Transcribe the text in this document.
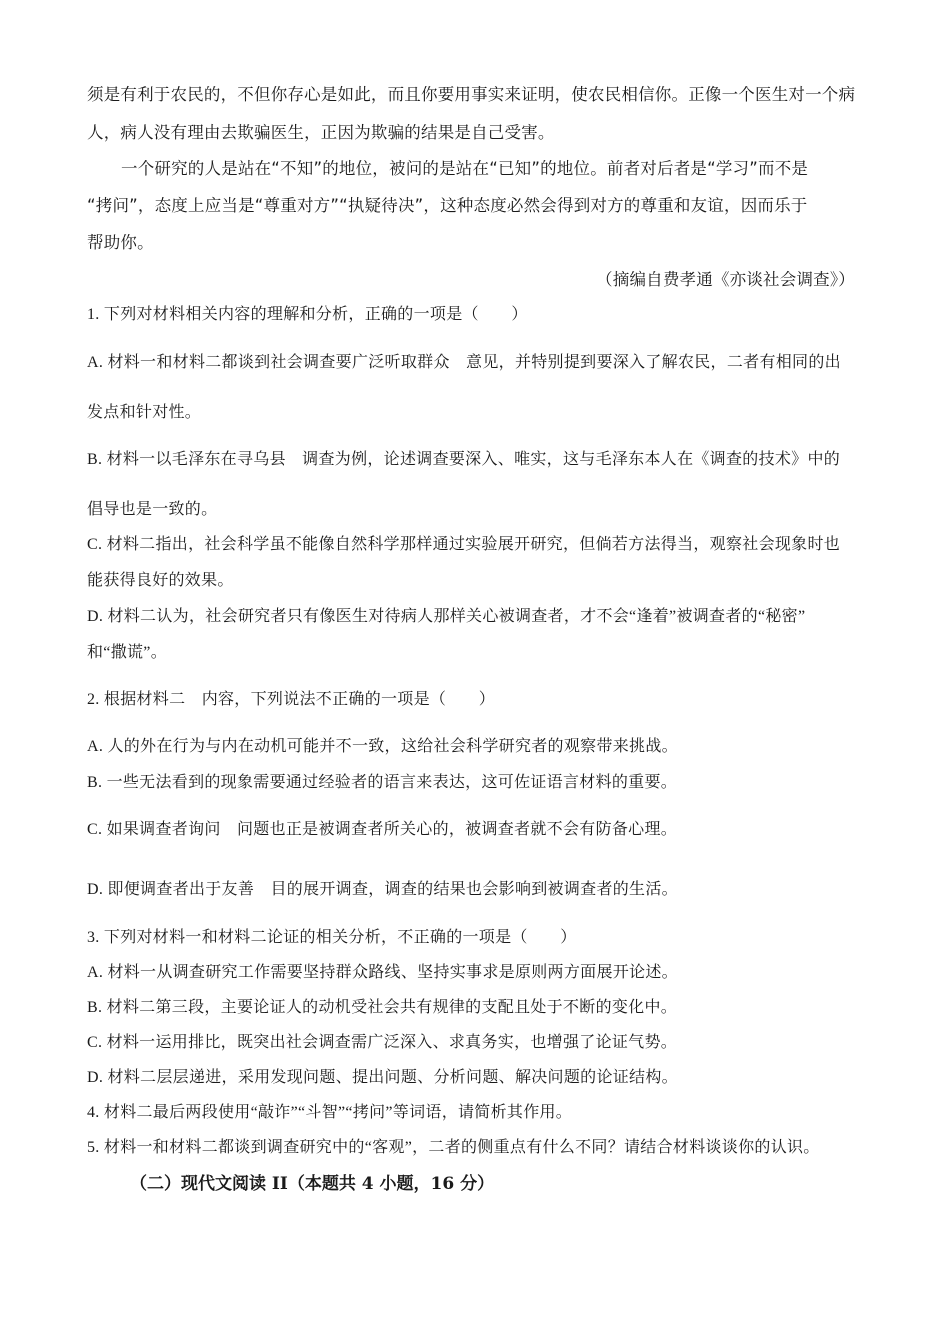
须是有利于农民的，不但你存心是如此，而且你要用事实来证明，使农民相信你。正像一个医生对一个病
人，病人没有理由去欺骗医生，正因为欺骗的结果是自己受害。
一个研究的人是站在“不知”的地位，被问的是站在“已知”的地位。前者对后者是“学习”而不是
“拷问”，态度上应当是“尊重对方”“执疑待决”，这种态度必然会得到对方的尊重和友谊，因而乐于
帮助你。
（摘编自费孝通《亦谈社会调查》）
1. 下列对材料相关内容的理解和分析，正确的一项是（　　）
A. 材料一和材料二都谈到社会调查要广泛听取群众　意见，并特别提到要深入了解农民，二者有相同的出
发点和针对性。
B. 材料一以毛泽东在寻乌县　调查为例，论述调查要深入、唯实，这与毛泽东本人在《调查的技术》中的
倡导也是一致的。
C. 材料二指出，社会科学虽不能像自然科学那样通过实验展开研究，但倘若方法得当，观察社会现象时也
能获得良好的效果。
D. 材料二认为，社会研究者只有像医生对待病人那样关心被调查者，才不会“逢着”被调查者的“秘密”
和“撒谎”。
2. 根据材料二　内容，下列说法不正确的一项是（　　）
A. 人的外在行为与内在动机可能并不一致，这给社会科学研究者的观察带来挑战。
B. 一些无法看到的现象需要通过经验者的语言来表达，这可佐证语言材料的重要。
C. 如果调查者询问　问题也正是被调查者所关心的，被调查者就不会有防备心理。
D. 即便调查者出于友善　目的展开调查，调查的结果也会影响到被调查者的生活。
3. 下列对材料一和材料二论证的相关分析，不正确的一项是（　　）
A. 材料一从调查研究工作需要坚持群众路线、坚持实事求是原则两方面展开论述。
B. 材料二第三段，主要论证人的动机受社会共有规律的支配且处于不断的变化中。
C. 材料一运用排比，既突出社会调查需广泛深入、求真务实，也增强了论证气势。
D. 材料二层层递进，采用发现问题、提出问题、分析问题、解决问题的论证结构。
4. 材料二最后两段使用“敲诈”“斗智”“拷问”等词语，请简析其作用。
5. 材料一和材料二都谈到调查研究中的“客观”，二者的侧重点有什么不同？请结合材料谈谈你的认识。
（二）现代文阅读 II（本题共 4 小题，16 分）
